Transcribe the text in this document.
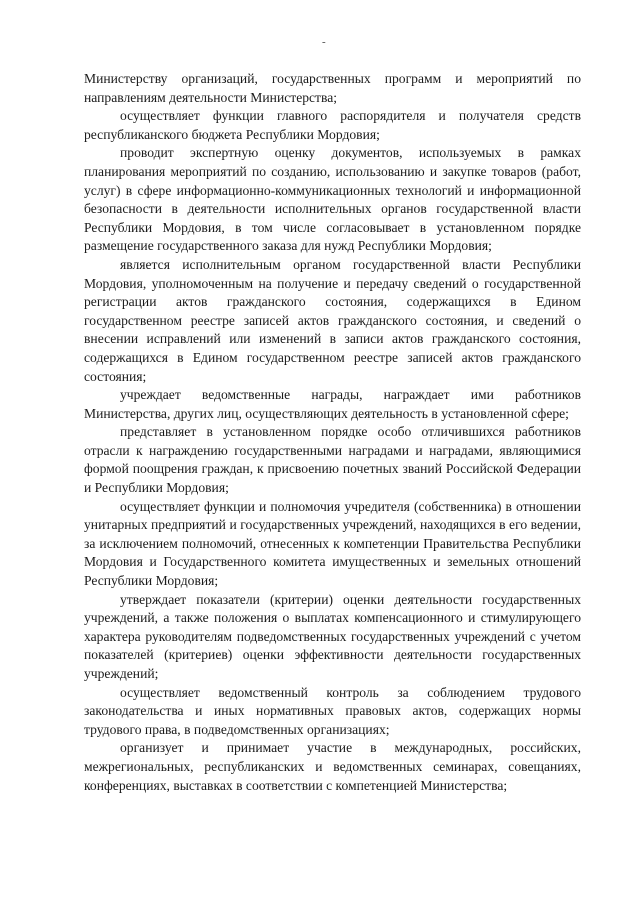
-

Министерству организаций, государственных программ и мероприятий по направлениям деятельности Министерства;

осуществляет функции главного распорядителя и получателя средств республиканского бюджета Республики Мордовия;

проводит экспертную оценку документов, используемых в рамках планирования мероприятий по созданию, использованию и закупке товаров (работ, услуг) в сфере информационно-коммуникационных технологий и информационной безопасности в деятельности исполнительных органов государственной власти Республики Мордовия, в том числе согласовывает в установленном порядке размещение государственного заказа для нужд Республики Мордовия;

является исполнительным органом государственной власти Республики Мордовия, уполномоченным на получение и передачу сведений о государственной регистрации актов гражданского состояния, содержащихся в Едином государственном реестре записей актов гражданского состояния, и сведений о внесении исправлений или изменений в записи актов гражданского состояния, содержащихся в Едином государственном реестре записей актов гражданского состояния;

учреждает ведомственные награды, награждает ими работников Министерства, других лиц, осуществляющих деятельность в установленной сфере;

представляет в установленном порядке особо отличившихся работников отрасли к награждению государственными наградами и наградами, являющимися формой поощрения граждан, к присвоению почетных званий Российской Федерации и Республики Мордовия;

осуществляет функции и полномочия учредителя (собственника) в отношении унитарных предприятий и государственных учреждений, находящихся в его ведении, за исключением полномочий, отнесенных к компетенции Правительства Республики Мордовия и Государственного комитета имущественных и земельных отношений Республики Мордовия;

утверждает показатели (критерии) оценки деятельности государственных учреждений, а также положения о выплатах компенсационного и стимулирующего характера руководителям подведомственных государственных учреждений с учетом показателей (критериев) оценки эффективности деятельности государственных учреждений;

осуществляет ведомственный контроль за соблюдением трудового законодательства и иных нормативных правовых актов, содержащих нормы трудового права, в подведомственных организациях;

организует и принимает участие в международных, российских, межрегиональных, республиканских и ведомственных семинарах, совещаниях, конференциях, выставках в соответствии с компетенцией Министерства;
